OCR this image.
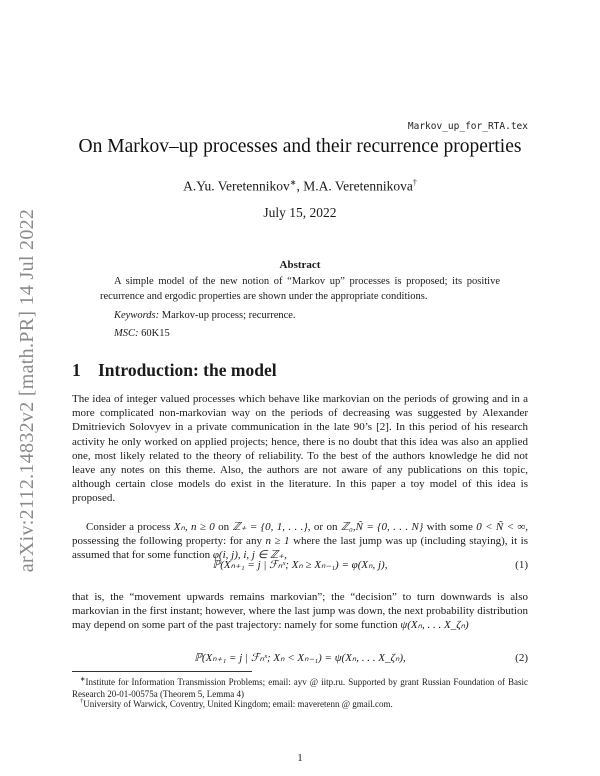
arXiv:2112.14832v2 [math.PR] 14 Jul 2022
Markov_up_for_RTA.tex
On Markov–up processes and their recurrence properties
A.Yu. Veretennikov∗, M.A. Veretennikova†
July 15, 2022
Abstract
A simple model of the new notion of “Markov up” processes is proposed; its positive recurrence and ergodic properties are shown under the appropriate conditions.
Keywords: Markov-up process; recurrence.
MSC: 60K15
1 Introduction: the model
The idea of integer valued processes which behave like markovian on the periods of growing and in a more complicated non-markovian way on the periods of decreasing was suggested by Alexander Dmitrievich Solovyev in a private communication in the late 90’s [2]. In this period of his research activity he only worked on applied projects; hence, there is no doubt that this idea was also an applied one, most likely related to the theory of reliability. To the best of the authors knowledge he did not leave any notes on this theme. Also, the authors are not aware of any publications on this topic, although certain close models do exist in the literature. In this paper a toy model of this idea is proposed.
Consider a process Xₙ, n ≥ 0 on ℤ₊ = {0, 1, . . .}, or on ℤ₀,Ñ = {0, . . . N} with some 0 < Ñ < ∞, possessing the following property: for any n ≥ 1 where the last jump was up (including staying), it is assumed that for some function φ(i, j), i, j ∈ ℤ₊,
ℙ(Xₙ₊₁ = j | ℱₙˣ; Xₙ ≥ Xₙ₋₁) = φ(Xₙ, j),	(1)
that is, the “movement upwards remains markovian”; the “decision” to turn downwards is also markovian in the first instant; however, where the last jump was down, the next probability distribution may depend on some part of the past trajectory: namely for some function ψ(Xₙ, . . . X_ζₙ)
ℙ(Xₙ₊₁ = j | ℱₙˣ; Xₙ < Xₙ₋₁) = ψ(Xₙ, . . . X_ζₙ),	(2)
∗Institute for Information Transmission Problems; email: ayv @ iitp.ru. Supported by grant Russian Foundation of Basic Research 20-01-00575a (Theorem 5, Lemma 4)
†University of Warwick, Coventry, United Kingdom; email: maveretenn @ gmail.com.
1
